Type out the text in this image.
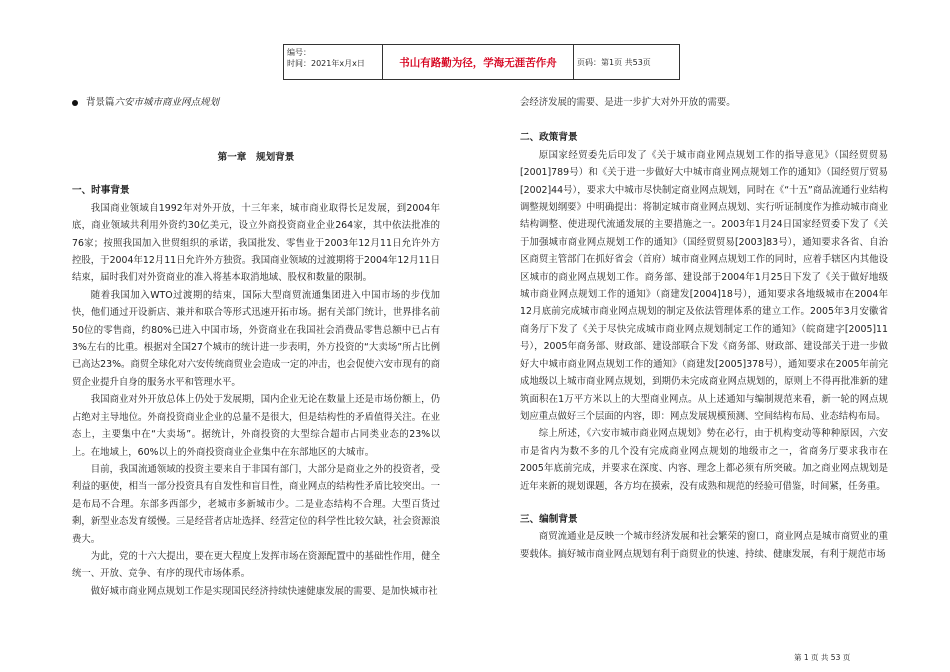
编号：
时间：2021年x月x日	书山有路勤为径，学海无涯苦作舟	页码：第1页 共53页
背景篇六安市城市商业网点规划
第一章　规划背景
一、时事背景

我国商业领域自1992年对外开放，十三年来，城市商业取得长足发展，到2004年底，商业领域共利用外资约30亿美元，设立外商投资商业企业264家，其中依法批准的76家；按照我国加入世贸组织的承诺，我国批发、零售业于2003年12月11日允许外方控股，于2004年12月11日允许外方独资。我国商业领域的过渡期将于2004年12月11日结束，届时我们对外资商业的准入将基本取消地域、股权和数量的限制。

随着我国加入WTO过渡期的结束，国际大型商贸流通集团进入中国市场的步伐加快，他们通过开设新店、兼并和联合等形式迅速开拓市场。据有关部门统计，世界排名前50位的零售商，约80%已进入中国市场，外资商业在我国社会消费品零售总额中已占有3%左右的比重。根据对全国27个城市的统计进一步表明，外方投资的“大卖场”所占比例已高达23%。商贸全球化对六安传统商贸业会造成一定的冲击，也会促使六安市现有的商贸企业提升自身的服务水平和管理水平。

我国商业对外开放总体上仍处于发展期，国内企业无论在数量上还是市场份额上，仍占绝对主导地位。外商投资商业企业的总量不是很大，但是结构性的矛盾值得关注。在业态上，主要集中在“大卖场”。据统计，外商投资的大型综合超市占同类业态的23%以上。在地域上，60%以上的外商投资商业企业集中在东部地区的大城市。

目前，我国流通领域的投资主要来自于非国有部门，大部分是商业之外的投资者，受利益的驱使，相当一部分投资具有自发性和盲目性，商业网点的结构性矛盾比较突出。一是布局不合理。东部多西部少，老城市多新城市少。二是业态结构不合理。大型百货过剩，新型业态发育缓慢。三是经营者店址选择、经营定位的科学性比较欠缺，社会资源浪费大。

为此，党的十六大提出，要在更大程度上发挥市场在资源配置中的基础性作用，健全统一、开放、竞争、有序的现代市场体系。

做好城市商业网点规划工作是实现国民经济持续快速健康发展的需要、是加快城市社

会经济发展的需要、是进一步扩大对外开放的需要。

二、政策背景

原国家经贸委先后印发了《关于城市商业网点规划工作的指导意见》（国经贸贸易[2001]789号）和《关于进一步做好大中城市商业网点规划工作的通知》（国经贸厅贸易[2002]44号），要求大中城市尽快制定商业网点规划，同时在《“十五”商品流通行业结构调整规划纲要》中明确提出：将制定城市商业网点规划、实行听证制度作为推动城市商业结构调整、使进现代流通发展的主要措施之一。2003年1月24日国家经贸委下发了《关于加强城市商业网点规划工作的通知》（国经贸贸易[2003]83号），通知要求各省、自治区商贸主管部门在抓好省会（首府）城市商业网点规划工作的同时，应着手辖区内其他设区城市的商业网点规划工作。商务部、建设部于2004年1月25日下发了《关于做好地级城市商业网点规划工作的通知》（商建发[2004]18号），通知要求各地级城市在2004年12月底前完成城市商业网点规划的制定及依法管理体系的建立工作。2005年3月安徽省商务厅下发了《关于尽快完成城市商业网点规划制定工作的通知》（皖商建字[2005]11号），2005年商务部、财政部、建设部联合下发《商务部、财政部、建设部关于进一步做好大中城市商业网点规划工作的通知》（商建发[2005]378号），通知要求在2005年前完成地级以上城市商业网点规划，到期仍未完成商业网点规划的，原则上不得再批准新的建筑面积在1万平方米以上的大型商业网点。从上述通知与编制规范来看，新一轮的网点规划应重点做好三个层面的内容，即：网点发展规模预测、空间结构布局、业态结构布局。

综上所述，《六安市城市商业网点规划》势在必行，由于机构变动等种种原因，六安市是省内为数不多的几个没有完成商业网点规划的地级市之一，省商务厅要求我市在2005年底前完成，并要求在深度、内容、理念上都必须有所突破。加之商业网点规划是近年来新的规划课题，各方均在摸索，没有成熟和规范的经验可借鉴，时间紧，任务重。

三、编制背景

商贸流通业是反映一个城市经济发展和社会繁荣的窗口，商业网点是城市商贸业的重要载体。搞好城市商业网点规划有利于商贸业的快速、持续、健康发展，有利于规范市场

第 1 页 共 53 页
